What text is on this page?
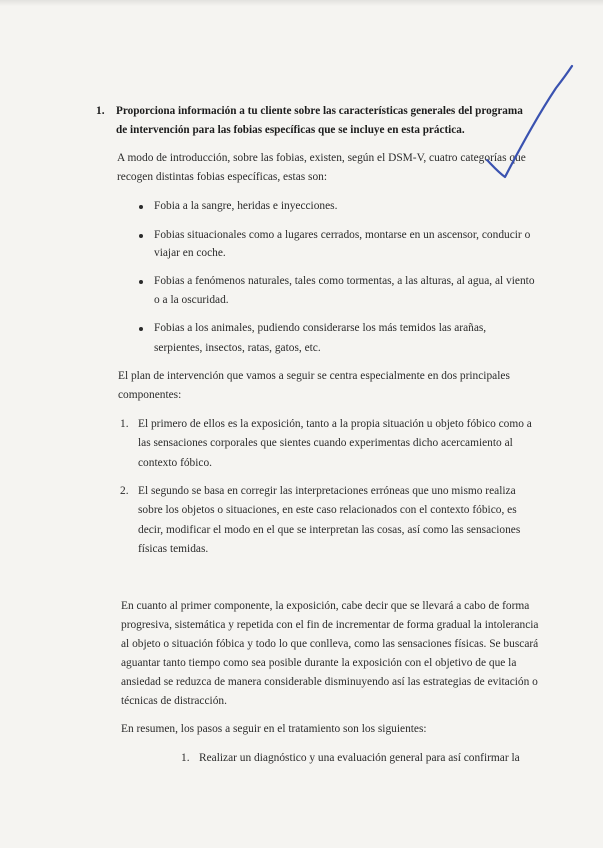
1. Proporciona información a tu cliente sobre las características generales del programa
de intervención para las fobias específicas que se incluye en esta práctica.
A modo de introducción, sobre las fobias, existen, según el DSM-V, cuatro categorías que
recogen distintas fobias específicas, estas son:
Fobia a la sangre, heridas e inyecciones.
Fobias situacionales como a lugares cerrados, montarse en un ascensor, conducir o
viajar en coche.
Fobias a fenómenos naturales, tales como tormentas, a las alturas, al agua, al viento
o a la oscuridad.
Fobias a los animales, pudiendo considerarse los más temidos las arañas,
serpientes, insectos, ratas, gatos, etc.
El plan de intervención que vamos a seguir se centra especialmente en dos principales
componentes:
1. El primero de ellos es la exposición, tanto a la propia situación u objeto fóbico como a
las sensaciones corporales que sientes cuando experimentas dicho acercamiento al
contexto fóbico.
2. El segundo se basa en corregir las interpretaciones erróneas que uno mismo realiza
sobre los objetos o situaciones, en este caso relacionados con el contexto fóbico, es
decir, modificar el modo en el que se interpretan las cosas, así como las sensaciones
físicas temidas.
En cuanto al primer componente, la exposición, cabe decir que se llevará a cabo de forma
progresiva, sistemática y repetida con el fin de incrementar de forma gradual la intolerancia
al objeto o situación fóbica y todo lo que conlleva, como las sensaciones físicas. Se buscará
aguantar tanto tiempo como sea posible durante la exposición con el objetivo de que la
ansiedad se reduzca de manera considerable disminuyendo así las estrategias de evitación o
técnicas de distracción.
En resumen, los pasos a seguir en el tratamiento son los siguientes:
1. Realizar un diagnóstico y una evaluación general para así confirmar la
